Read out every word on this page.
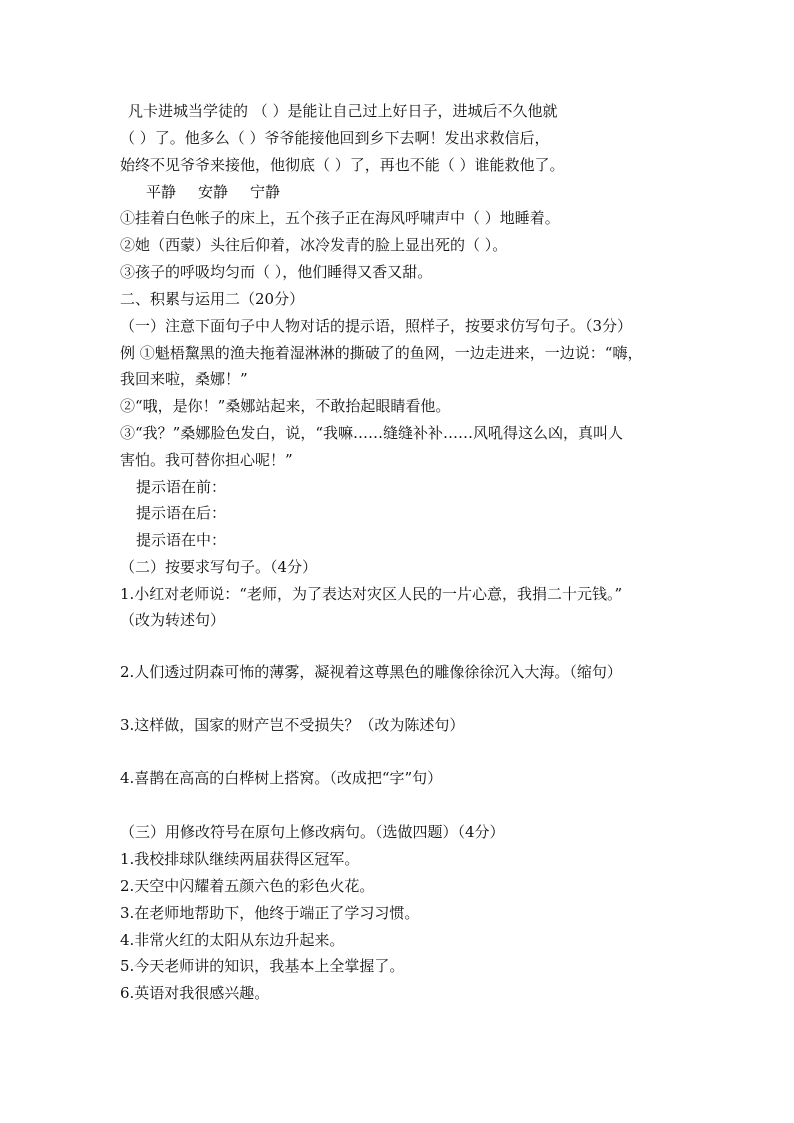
凡卡进城当学徒的 （ ）是能让自己过上好日子，进城后不久他就

（ ）了。他多么（ ）爷爷能接他回到乡下去啊！发出求救信后，

始终不见爷爷来接他，他彻底（ ）了，再也不能（ ）谁能救他了。

平静 安静 宁静

①挂着白色帐子的床上，五个孩子正在海风呼啸声中（ ）地睡着。

②她（西蒙）头往后仰着，冰冷发青的脸上显出死的（ ）。

③孩子的呼吸均匀而（ ），他们睡得又香又甜。

二、积累与运用二（20分）

（一）注意下面句子中人物对话的提示语，照样子，按要求仿写句子。（3分）

例 ①魁梧黧黑的渔夫拖着湿淋淋的撕破了的鱼网，一边走进来，一边说：“嗨，

我回来啦，桑娜！”

②“哦，是你！”桑娜站起来，不敢抬起眼睛看他。

③“我？”桑娜脸色发白，说，“我嘛……缝缝补补……风吼得这么凶，真叫人

害怕。我可替你担心呢！”

提示语在前：

提示语在后：

提示语在中：

（二）按要求写句子。（4分）

1.小红对老师说：“老师，为了表达对灾区人民的一片心意，我捐二十元钱。”

（改为转述句）

2.人们透过阴森可怖的薄雾，凝视着这尊黑色的雕像徐徐沉入大海。（缩句）

3.这样做，国家的财产岂不受损失？（改为陈述句）

4.喜鹊在高高的白桦树上搭窝。（改成把“字”句）

（三）用修改符号在原句上修改病句。（选做四题）（4分）

1.我校排球队继续两届获得区冠军。

2.天空中闪耀着五颜六色的彩色火花。

3.在老师地帮助下，他终于端正了学习习惯。

4.非常火红的太阳从东边升起来。

5.今天老师讲的知识，我基本上全掌握了。

6.英语对我很感兴趣。
